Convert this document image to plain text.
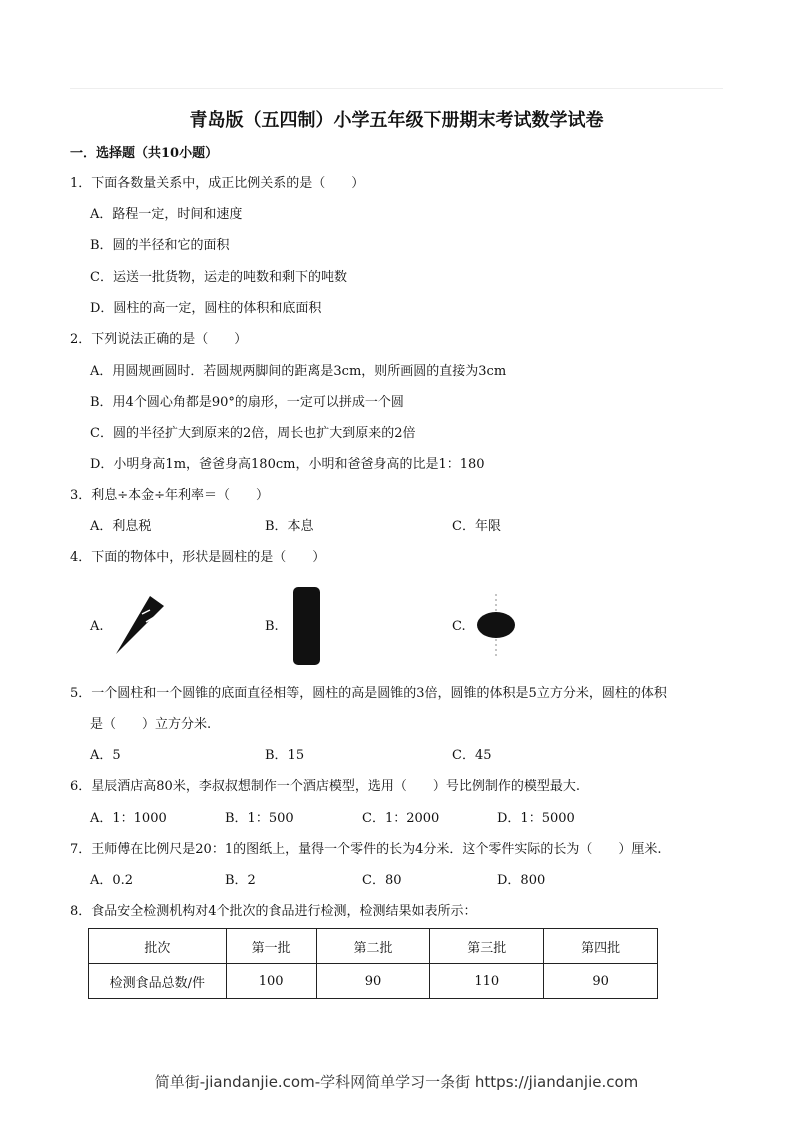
青岛版（五四制）小学五年级下册期末考试数学试卷
一．选择题（共10小题）
1．下面各数量关系中，成正比例关系的是（　　）
A．路程一定，时间和速度
B．圆的半径和它的面积
C．运送一批货物，运走的吨数和剩下的吨数
D．圆柱的高一定，圆柱的体积和底面积
2．下列说法正确的是（　　）
A．用圆规画圆时．若圆规两脚间的距离是3cm，则所画圆的直接为3cm
B．用4个圆心角都是90°的扇形，一定可以拼成一个圆
C．圆的半径扩大到原来的2倍，周长也扩大到原来的2倍
D．小明身高1m，爸爸身高180cm，小明和爸爸身高的比是1：180
3．利息÷本金÷年利率＝（　　）
A．利息税	B．本息	C．年限
4．下面的物体中，形状是圆柱的是（　　）
A.	B.	C.
5．一个圆柱和一个圆锥的底面直径相等，圆柱的高是圆锥的3倍，圆锥的体积是5立方分米，圆柱的体积
是（　　）立方分米.
A．5	B．15	C．45
6．星辰酒店高80米，李叔叔想制作一个酒店模型，选用（　　）号比例制作的模型最大.
A．1：1000	B．1：500	C．1：2000	D．1：5000
7．王师傅在比例尺是20：1的图纸上，量得一个零件的长为4分米．这个零件实际的长为（　　）厘米.
A．0.2	B．2	C．80	D．800
8．食品安全检测机构对4个批次的食品进行检测，检测结果如表所示：
批次	第一批	第二批	第三批	第四批
检测食品总数/件	100	90	110	90
简单街-jiandanjie.com-学科网简单学习一条街 https://jiandanjie.com
